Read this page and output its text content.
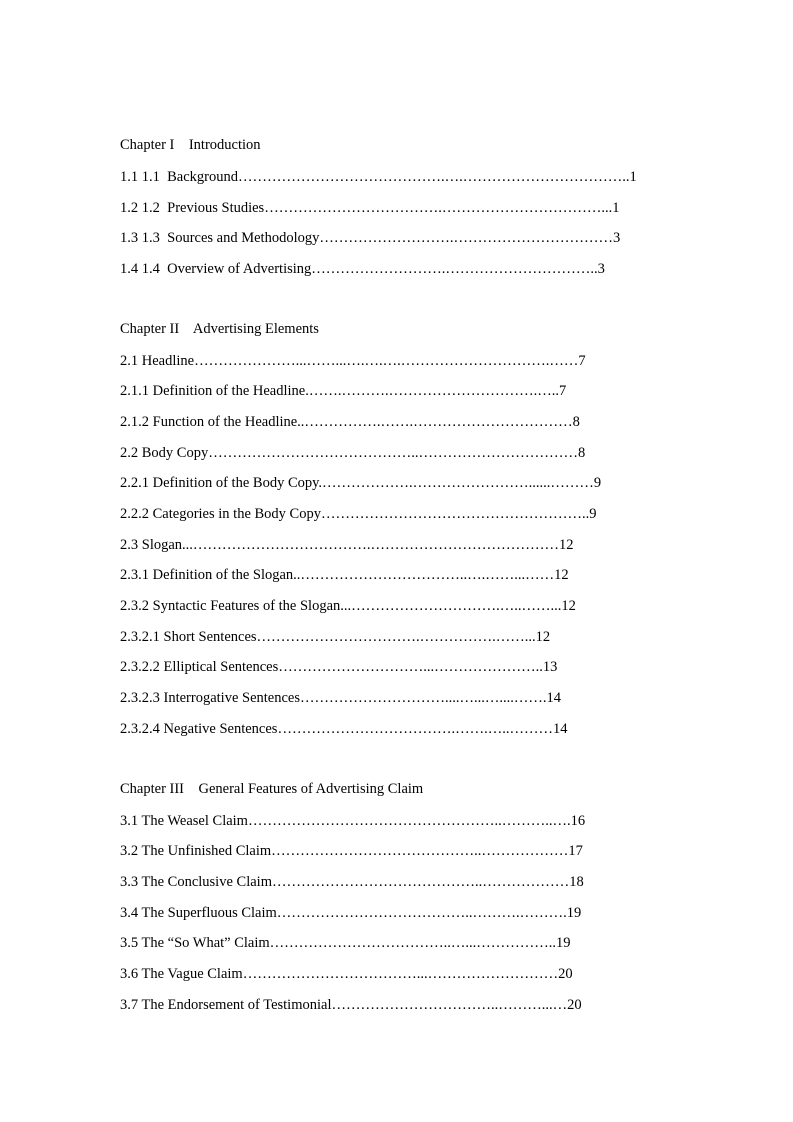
Chapter I    Introduction
1.1 1.1  Background…………………………………….….……………………………..1
1.2 1.2  Previous Studies……………………………….……………………………...1
1.3 1.3  Sources and Methodology……………………….……………………………3
1.4 1.4  Overview of Advertising……………………….…………………………..3
Chapter II    Advertising Elements
2.1 Headline…………………...……...….….….………………………….……7
2.1.1 Definition of the Headline.…….……….………………………….…..7
2.1.2 Function of the Headline..…………….…….……………………………8
2.2 Body Copy……………………………………..……………………………8
2.2.1 Definition of the Body Copy.……………….……………………......………9
2.2.2 Categories in the Body Copy………………………………………………..9
2.3 Slogan...……………………………….…………………………………12
2.3.1 Definition of the Slogan..……………………………..….……...……12
2.3.2 Syntactic Features of the Slogan...………………………….…..……...12
2.3.2.1 Short Sentences…………………………….…………….……...12
2.3.2.2 Elliptical Sentences…………………………...…………………..13
2.3.2.3 Interrogative Sentences…………………………....…...…....…….14
2.3.2.4 Negative Sentences……………………………….…….…..………14
Chapter III    General Features of Advertising Claim
3.1 The Weasel Claim……………………………………………..………..….16
3.2 The Unfinished Claim……………………………………..………………17
3.3 The Conclusive Claim……………………………………..………………18
3.4 The Superfluous Claim…………………………………..……….……….19
3.5 The “So What” Claim………………………………..…...……………..19
3.6 The Vague Claim………………………………...………………………20
3.7 The Endorsement of Testimonial……………………………..………...…20
